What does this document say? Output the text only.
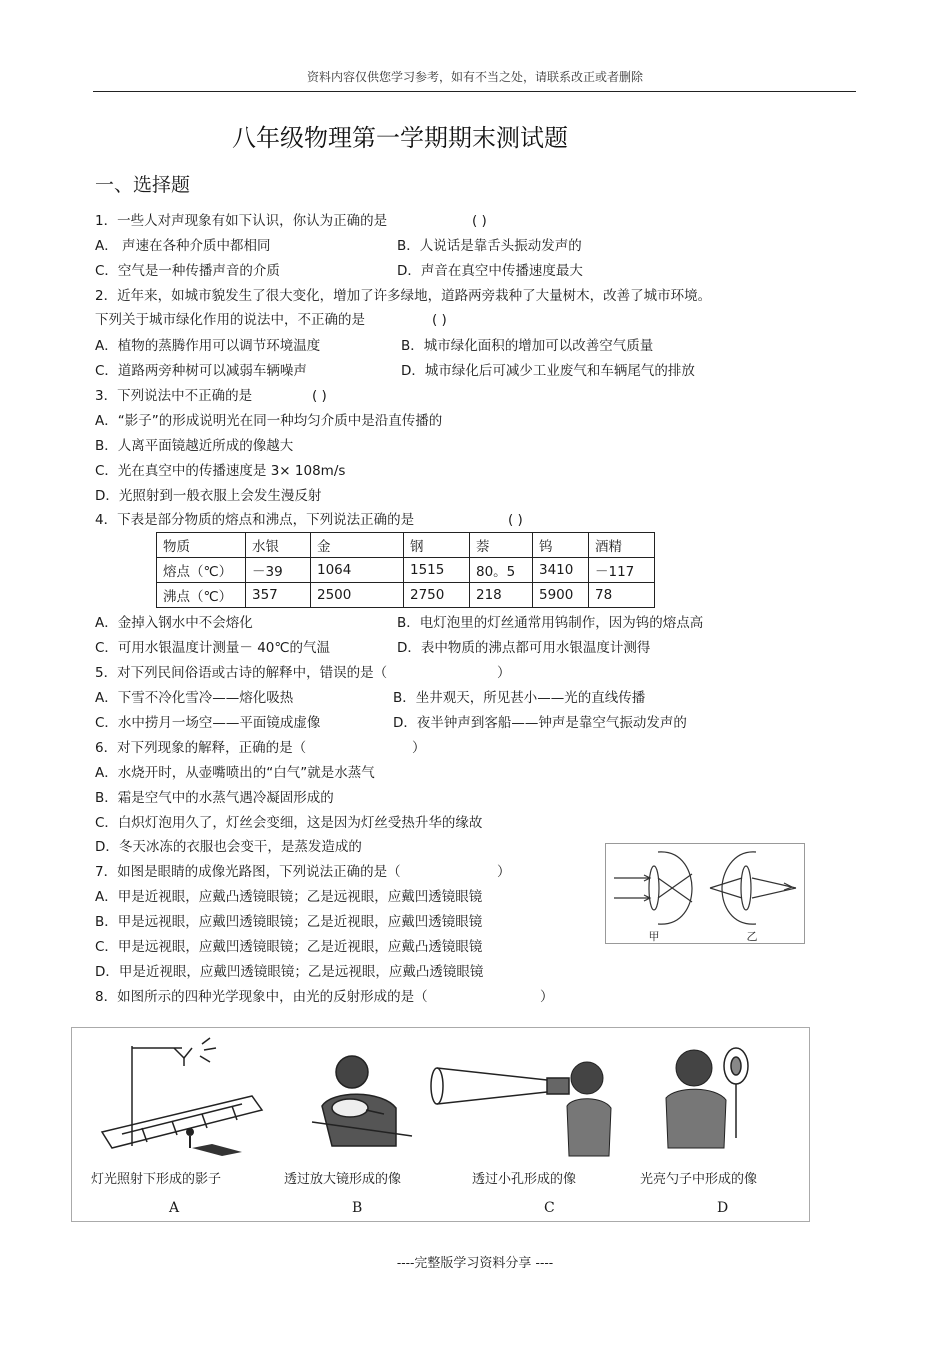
资料内容仅供您学习参考，如有不当之处，请联系改正或者删除
八年级物理第一学期期末测试题
一、选择题
1．一些人对声现象有如下认识，你认为正确的是	( )
A． 声速在各种介质中都相同	B．人说话是靠舌头振动发声的
C．空气是一种传播声音的介质	D．声音在真空中传播速度最大
2．近年来，如城市貌发生了很大变化，增加了许多绿地，道路两旁栽种了大量树木，改善了城市环境。
下列关于城市绿化作用的说法中，不正确的是	( )
A．植物的蒸腾作用可以调节环境温度	B．城市绿化面积的增加可以改善空气质量
C．道路两旁种树可以减弱车辆噪声	D．城市绿化后可减少工业废气和车辆尾气的排放
3．下列说法中不正确的是	( )
A．“影子”的形成说明光在同一种均匀介质中是沿直传播的
B．人离平面镜越近所成的像越大
C．光在真空中的传播速度是 3× 108m/s
D．光照射到一般衣服上会发生漫反射
4．下表是部分物质的熔点和沸点，下列说法正确的是	( )
物质	水银	金	钢	萘	钨	酒精
熔点（℃）	－39	1064	1515	80。5	3410	－117
沸点（℃）	357	2500	2750	218	5900	78
A．金掉入钢水中不会熔化	B．电灯泡里的灯丝通常用钨制作，因为钨的熔点高
C．可用水银温度计测量－ 40℃的气温	D．表中物质的沸点都可用水银温度计测得
5．对下列民间俗语或古诗的解释中，错误的是（	）
A．下雪不冷化雪冷——熔化吸热	B．坐井观天，所见甚小——光的直线传播
C．水中捞月一场空——平面镜成虚像	D．夜半钟声到客船——钟声是靠空气振动发声的
6．对下列现象的解释，正确的是（	）
A．水烧开时，从壶嘴喷出的“白气”就是水蒸气
B．霜是空气中的水蒸气遇冷凝固形成的
C．白炽灯泡用久了，灯丝会变细，这是因为灯丝受热升华的缘故
D．冬天冰冻的衣服也会变干，是蒸发造成的
7．如图是眼睛的成像光路图，下列说法正确的是（	）
A．甲是近视眼，应戴凸透镜眼镜；乙是远视眼，应戴凹透镜眼镜
B．甲是远视眼，应戴凹透镜眼镜；乙是近视眼，应戴凹透镜眼镜
C．甲是远视眼，应戴凹透镜眼镜；乙是近视眼，应戴凸透镜眼镜
D．甲是近视眼，应戴凹透镜眼镜；乙是远视眼，应戴凸透镜眼镜
甲	乙
8．如图所示的四种光学现象中，由光的反射形成的是（	）
灯光照射下形成的影子	透过放大镜形成的像	透过小孔形成的像	光亮勺子中形成的像
A	B	C	D
----完整版学习资料分享 ----
